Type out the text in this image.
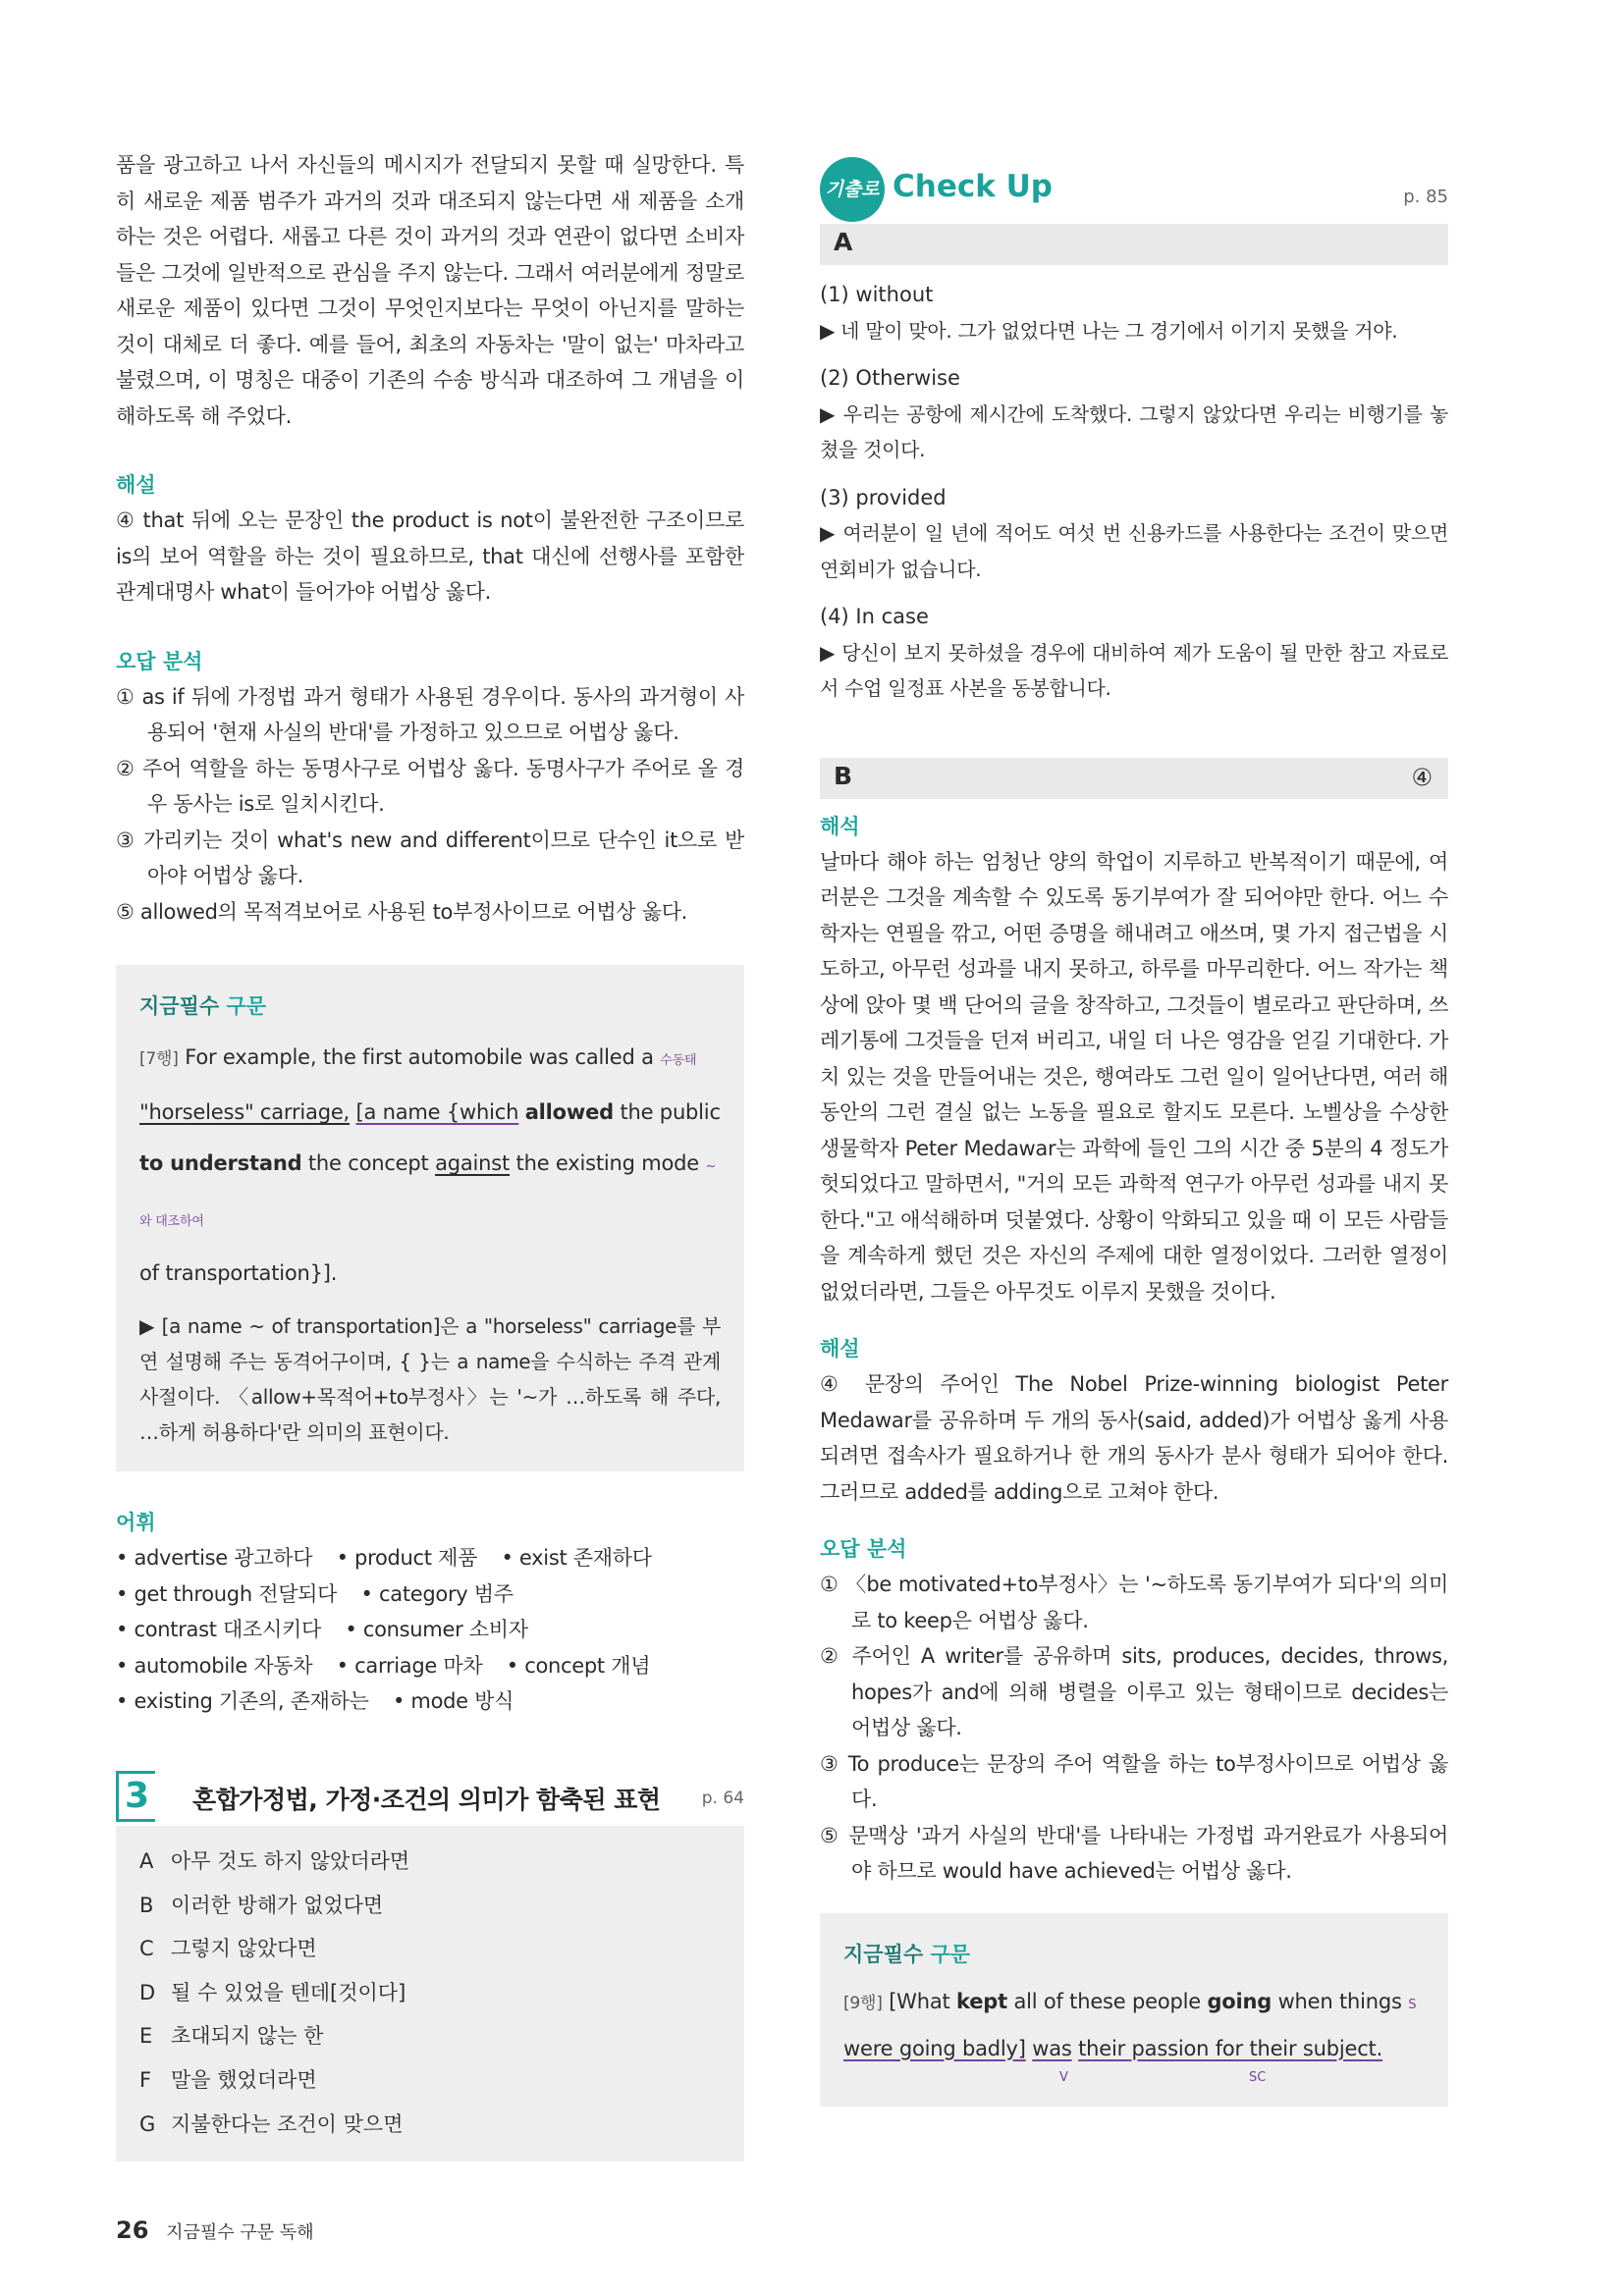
품을 광고하고 나서 자신들의 메시지가 전달되지 못할 때 실망한다. 특히 새로운 제품 범주가 과거의 것과 대조되지 않는다면 새 제품을 소개하는 것은 어렵다. 새롭고 다른 것이 과거의 것과 연관이 없다면 소비자들은 그것에 일반적으로 관심을 주지 않는다. 그래서 여러분에게 정말로 새로운 제품이 있다면 그것이 무엇인지보다는 무엇이 아닌지를 말하는 것이 대체로 더 좋다. 예를 들어, 최초의 자동차는 '말이 없는' 마차라고 불렸으며, 이 명칭은 대중이 기존의 수송 방식과 대조하여 그 개념을 이해하도록 해 주었다.

해설

④ that 뒤에 오는 문장인 the product is not이 불완전한 구조이므로 is의 보어 역할을 하는 것이 필요하므로, that 대신에 선행사를 포함한 관계대명사 what이 들어가야 어법상 옳다.

오답 분석
① as if 뒤에 가정법 과거 형태가 사용된 경우이다. 동사의 과거형이 사용되어 '현재 사실의 반대'를 가정하고 있으므로 어법상 옳다.
② 주어 역할을 하는 동명사구로 어법상 옳다. 동명사구가 주어로 올 경우 동사는 is로 일치시킨다.
③ 가리키는 것이 what's new and different이므로 단수인 it으로 받아야 어법상 옳다.
⑤ allowed의 목적격보어로 사용된 to부정사이므로 어법상 옳다.
지금필수 구문
[7행] For example, the first automobile was called a 수동태
"horseless" carriage, [a name {which allowed the public
to understand the concept against the existing mode ~와 대조하여
of transportation}].

▶ [a name ~ of transportation]은 a "horseless" carriage를 부연 설명해 주는 동격어구이며, { }는 a name을 수식하는 주격 관계사절이다. 〈allow+목적어+to부정사〉는 '~가 …하도록 해 주다, …하게 허용하다'란 의미의 표현이다.

어휘
• advertise 광고하다 • product 제품 • exist 존재하다 • get through 전달되다 • category 범주 • contrast 대조시키다 • consumer 소비자 • automobile 자동차 • carriage 마차 • concept 개념 • existing 기존의, 존재하는 • mode 방식
3 혼합가정법, 가정·조건의 의미가 함축된 표현 p. 64
A 아무 것도 하지 않았더라면
B 이러한 방해가 없었다면
C 그렇지 않았다면
D 될 수 있었을 텐데[것이다]
E 초대되지 않는 한
F 말을 했었더라면
G 지불한다는 조건이 맞으면
26 지금필수 구문 독해
기출로 Check Up	p. 85
A
(1) without
▶ 네 말이 맞아. 그가 없었다면 나는 그 경기에서 이기지 못했을 거야.
(2) Otherwise
▶ 우리는 공항에 제시간에 도착했다. 그렇지 않았다면 우리는 비행기를 놓쳤을 것이다.
(3) provided
▶ 여러분이 일 년에 적어도 여섯 번 신용카드를 사용한다는 조건이 맞으면 연회비가 없습니다.
(4) In case
▶ 당신이 보지 못하셨을 경우에 대비하여 제가 도움이 될 만한 참고 자료로서 수업 일정표 사본을 동봉합니다.
B	④
해석

날마다 해야 하는 엄청난 양의 학업이 지루하고 반복적이기 때문에, 여러분은 그것을 계속할 수 있도록 동기부여가 잘 되어야만 한다. 어느 수학자는 연필을 깎고, 어떤 증명을 해내려고 애쓰며, 몇 가지 접근법을 시도하고, 아무런 성과를 내지 못하고, 하루를 마무리한다. 어느 작가는 책상에 앉아 몇 백 단어의 글을 창작하고, 그것들이 별로라고 판단하며, 쓰레기통에 그것들을 던져 버리고, 내일 더 나은 영감을 얻길 기대한다. 가치 있는 것을 만들어내는 것은, 행여라도 그런 일이 일어난다면, 여러 해 동안의 그런 결실 없는 노동을 필요로 할지도 모른다. 노벨상을 수상한 생물학자 Peter Medawar는 과학에 들인 그의 시간 중 5분의 4 정도가 헛되었다고 말하면서, "거의 모든 과학적 연구가 아무런 성과를 내지 못한다."고 애석해하며 덧붙였다. 상황이 악화되고 있을 때 이 모든 사람들을 계속하게 했던 것은 자신의 주제에 대한 열정이었다. 그러한 열정이 없었더라면, 그들은 아무것도 이루지 못했을 것이다.

해설

④ 문장의 주어인 The Nobel Prize-winning biologist Peter Medawar를 공유하며 두 개의 동사(said, added)가 어법상 옳게 사용되려면 접속사가 필요하거나 한 개의 동사가 분사 형태가 되어야 한다. 그러므로 added를 adding으로 고쳐야 한다.

오답 분석
① 〈be motivated+to부정사〉는 '~하도록 동기부여가 되다'의 의미로 to keep은 어법상 옳다.
② 주어인 A writer를 공유하며 sits, produces, decides, throws, hopes가 and에 의해 병렬을 이루고 있는 형태이므로 decides는 어법상 옳다.
③ To produce는 문장의 주어 역할을 하는 to부정사이므로 어법상 옳다.
⑤ 문맥상 '과거 사실의 반대'를 나타내는 가정법 과거완료가 사용되어야 하므로 would have achieved는 어법상 옳다.
지금필수 구문
[9행] [What kept all of these people going when things S
were going badly] was their passion for their subject.
V	SC
